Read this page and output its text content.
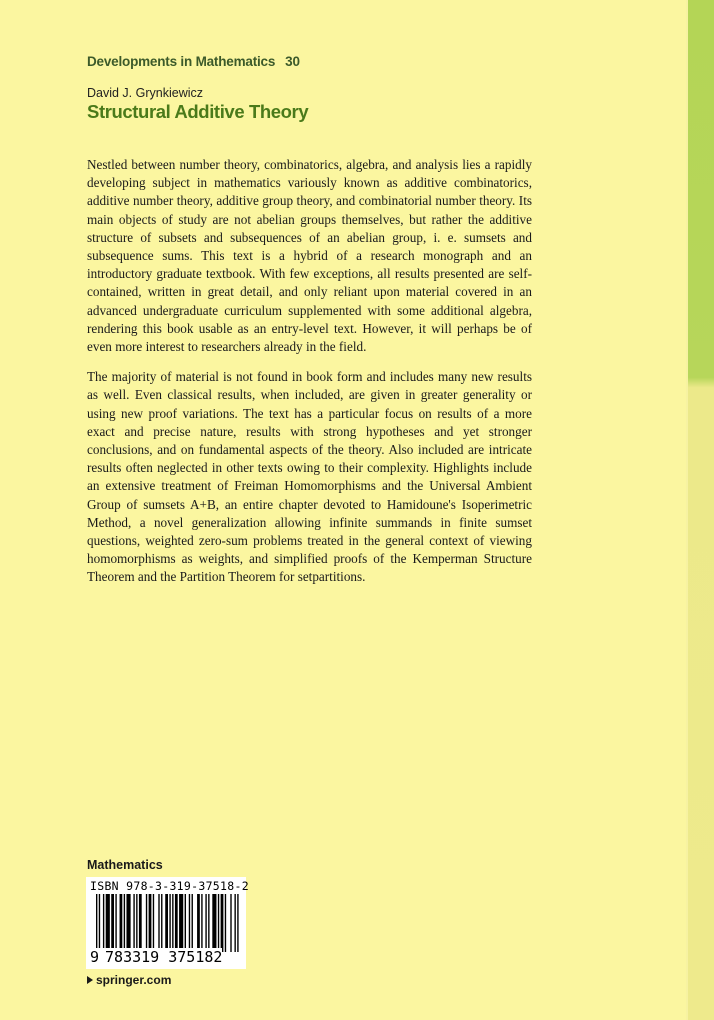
Developments in Mathematics 30
David J. Grynkiewicz
Structural Additive Theory

Nestled between number theory, combinatorics, algebra, and analysis lies a rapidly developing subject in mathematics variously known as additive combinatorics, additive number theory, additive group theory, and combinatorial number theory. Its main objects of study are not abelian groups themselves, but rather the additive structure of subsets and subsequences of an abelian group, i. e. sumsets and subsequence sums. This text is a hybrid of a research monograph and an introductory graduate textbook. With few exceptions, all results presented are self-contained, written in great detail, and only reliant upon material covered in an advanced undergraduate curriculum supplemented with some additional algebra, rendering this book usable as an entry-level text. However, it will perhaps be of even more interest to researchers already in the field.

The majority of material is not found in book form and includes many new results as well. Even classical results, when included, are given in greater generality or using new proof variations. The text has a particular focus on results of a more exact and precise nature, results with strong hypotheses and yet stronger conclusions, and on fundamental aspects of the theory. Also included are intricate results often neglected in other texts owing to their complexity. Highlights include an extensive treatment of Freiman Homomorphisms and the Universal Ambient Group of sumsets A+B, an entire chapter devoted to Hamidoune's Isoperimetric Method, a novel generalization allowing infinite summands in finite sumset questions, weighted zero-sum problems treated in the general context of viewing homomorphisms as weights, and simplified proofs of the Kemperman Structure Theorem and the Partition Theorem for setpartitions.

Mathematics
ISBN 978-3-319-37518-2
9 783319 375182
springer.com
